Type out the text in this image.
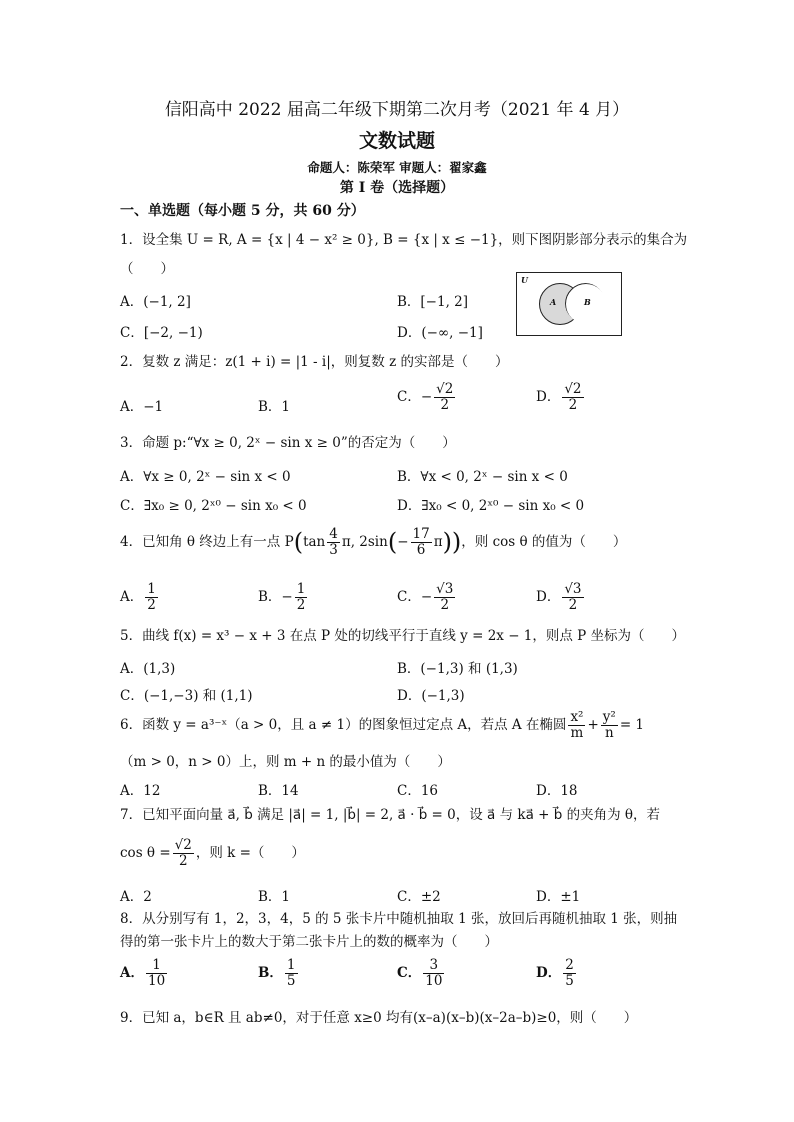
信阳高中 2022 届高二年级下期第二次月考（2021 年 4 月）
文数试题
命题人：陈荣军 审题人：翟家鑫
第 I 卷（选择题）
一、单选题（每小题 5 分，共 60 分）
1．设全集 U = R, A = {x | 4 − x² ≥ 0}, B = {x | x ≤ −1}，则下图阴影部分表示的集合为
（　　）
A．(−1, 2]	B．[−1, 2]
C．[−2, −1)	D．(−∞, −1]
U
A	B
2．复数 z 满足：z(1 + i) = |1 - i|，则复数 z 的实部是（　　）
A．−1	B．1
C．− $\frac{√2}{2}$	D． $\frac{√2}{2}$
3．命题 p:“∀x ≥ 0, 2ˣ − sin x ≥ 0”的否定为（　　）
A．∀x ≥ 0, 2ˣ − sin x < 0	B．∀x < 0, 2ˣ − sin x < 0
C．∃x₀ ≥ 0, 2ˣ⁰ − sin x₀ < 0	D．∃x₀ < 0, 2ˣ⁰ − sin x₀ < 0
4．已知角 θ 终边上有一点 $P(\tan \frac{4}{3} \pi$, $2\sin(- \frac{17}{6} \pi)$)，则 cos θ 的值为（　　）
A． $\frac{1}{2}$	B．− $\frac{1}{2}$	C．− $\frac{√3}{2}$	D． $\frac{√3}{2}$
5．曲线 f(x) = x³ − x + 3 在点 P 处的切线平行于直线 y = 2x − 1，则点 P 坐标为（　　）
A．(1,3)	B．(−1,3) 和 (1,3)
C．(−1,−3) 和 (1,1)	D．(−1,3)
6．函数 y = a³⁻ˣ（a > 0，且 a ≠ 1）的图象恒过定点 A，若点 A 在椭圆 $\frac{\text{x²}}{m} + \frac{\text{y²}}{n} = 1$
（m > 0，n > 0）上，则 m + n 的最小值为（　　）
A．12	B．14	C．16	D．18
7．已知平面向量 a⃗, b⃗ 满足 |a⃗| = 1, |b⃗| = 2, a⃗ · b⃗ = 0，设 a⃗ 与 ka⃗ + b⃗ 的夹角为 θ，若
$\cos \theta = \frac{√2}{2}$ ，则 k =（　　）
A．2	B．1	C．±2	D．±1
8．从分别写有 1，2，3，4，5 的 5 张卡片中随机抽取 1 张，放回后再随机抽取 1 张，则抽
得的第一张卡片上的数大于第二张卡片上的数的概率为（　　）
A． $\frac{1}{10}$	B． $\frac{1}{5}$	C． $\frac{3}{10}$	D． $\frac{2}{5}$
9．已知 a，b∈R 且 ab≠0，对于任意 x≥0 均有(x–a)(x–b)(x–2a–b)≥0，则（　　）
